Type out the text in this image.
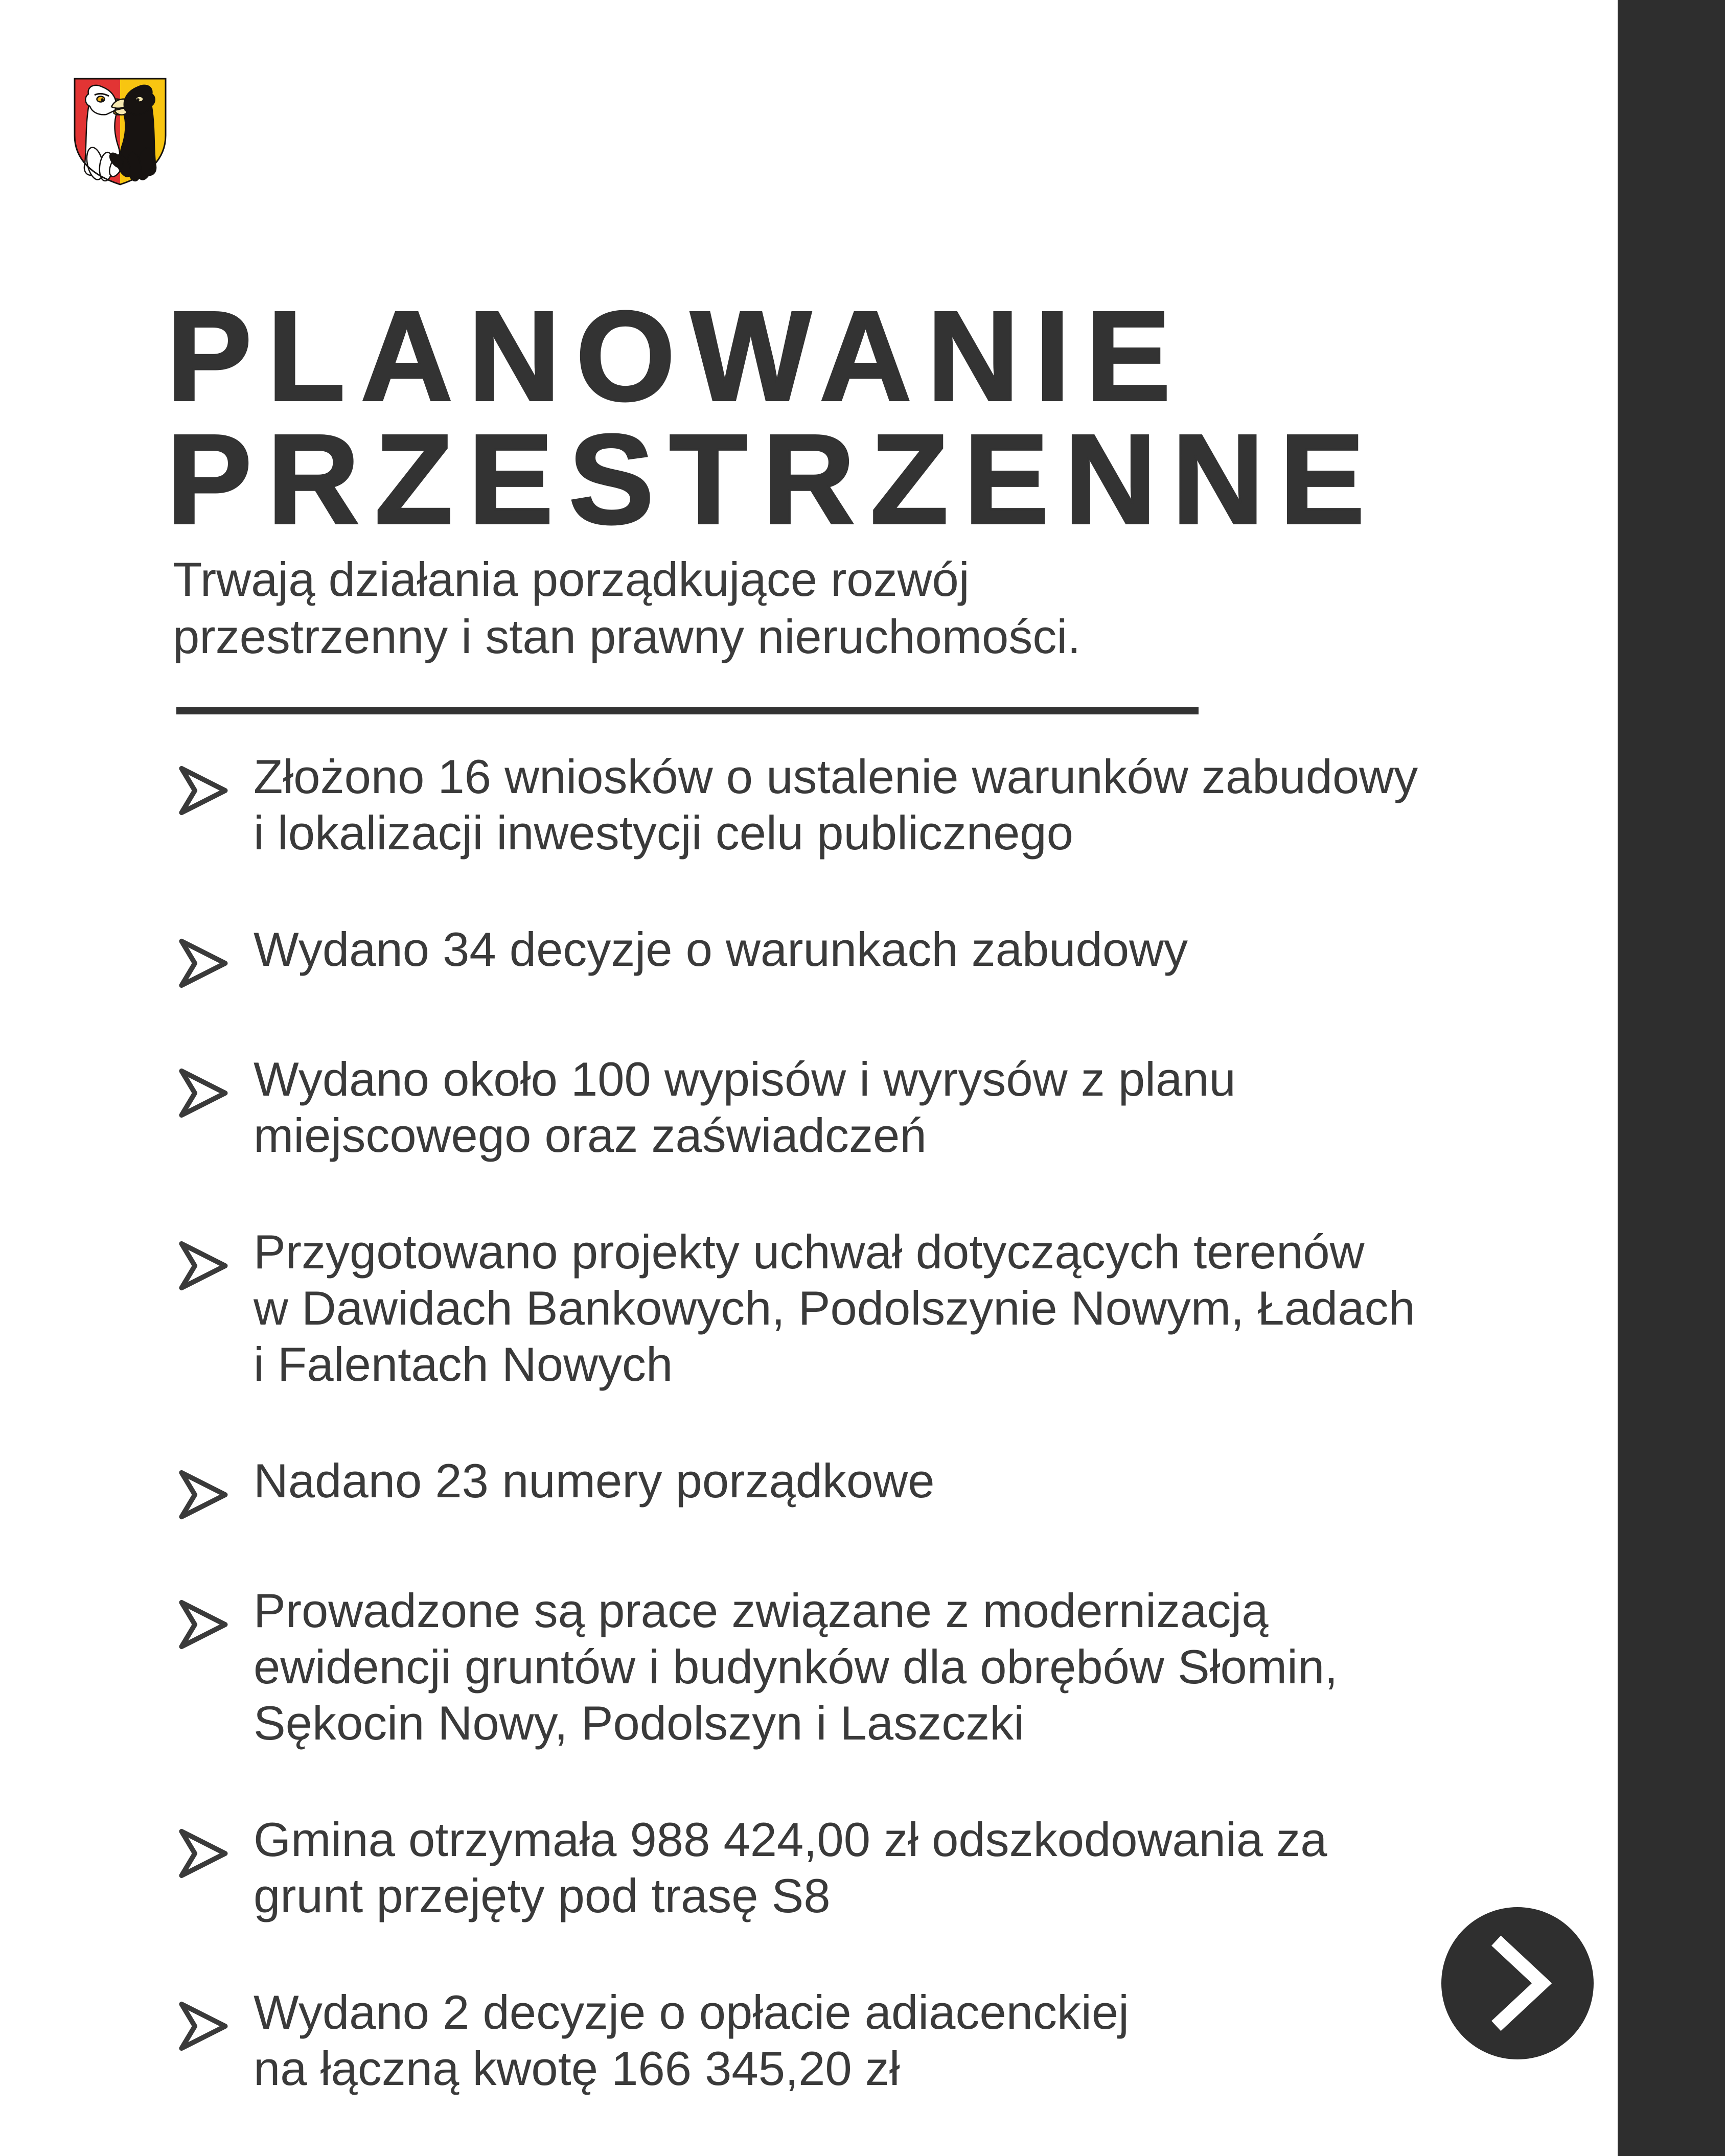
PLANOWANIE PRZESTRZENNE

Trwają działania porządkujące rozwój
przestrzenny i stan prawny nieruchomości.

Złożono 16 wniosków o ustalenie warunków zabudowy
i lokalizacji inwestycji celu publicznego
Wydano 34 decyzje o warunkach zabudowy
Wydano około 100 wypisów i wyrysów z planu
miejscowego oraz zaświadczeń
Przygotowano projekty uchwał dotyczących terenów
w Dawidach Bankowych, Podolszynie Nowym, Ładach
i Falentach Nowych
Nadano 23 numery porządkowe
Prowadzone są prace związane z modernizacją
ewidencji gruntów i budynków dla obrębów Słomin,
Sękocin Nowy, Podolszyn i Laszczki
Gmina otrzymała 988 424,00 zł odszkodowania za
grunt przejęty pod trasę S8
Wydano 2 decyzje o opłacie adiacenckiej
na łączną kwotę 166 345,20 zł
